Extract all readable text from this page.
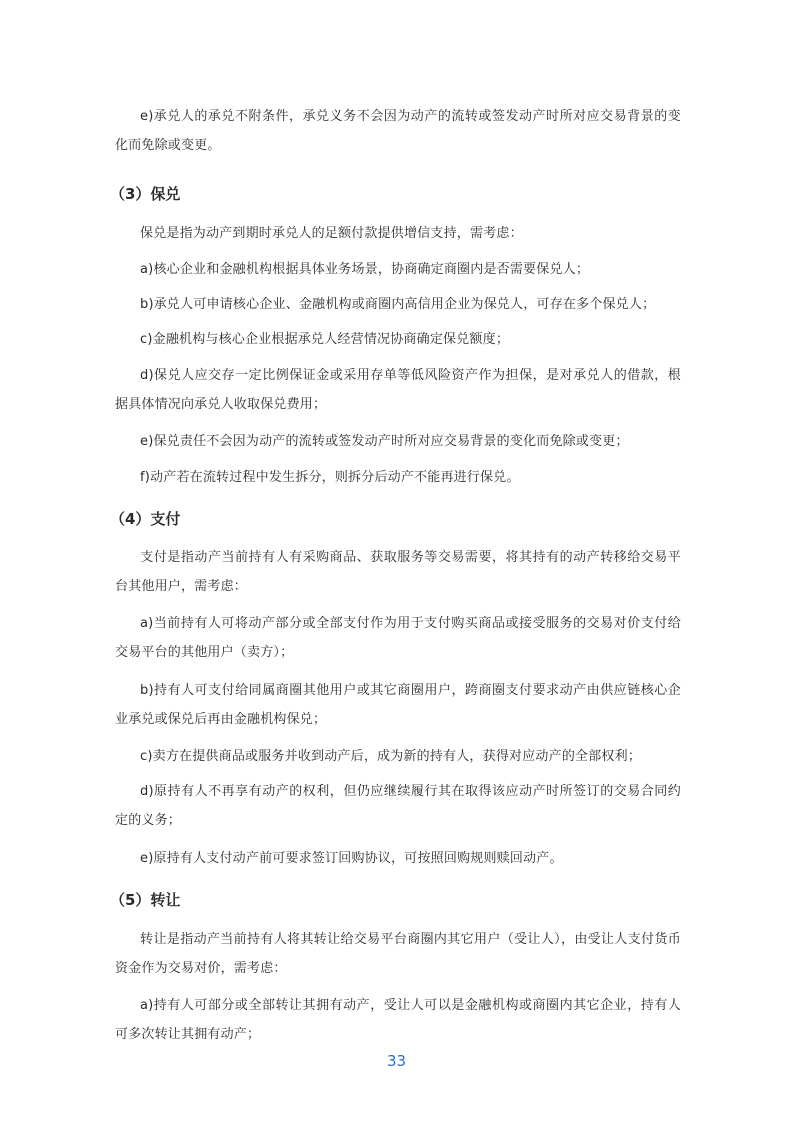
e)承兑人的承兑不附条件，承兑义务不会因为动产的流转或签发动产时所对应交易背景的变化而免除或变更。

（3）保兑

保兑是指为动产到期时承兑人的足额付款提供增信支持，需考虑：

a)核心企业和金融机构根据具体业务场景，协商确定商圈内是否需要保兑人；

b)承兑人可申请核心企业、金融机构或商圈内高信用企业为保兑人，可存在多个保兑人；

c)金融机构与核心企业根据承兑人经营情况协商确定保兑额度；

d)保兑人应交存一定比例保证金或采用存单等低风险资产作为担保，是对承兑人的借款，根据具体情况向承兑人收取保兑费用；

e)保兑责任不会因为动产的流转或签发动产时所对应交易背景的变化而免除或变更；

f)动产若在流转过程中发生拆分，则拆分后动产不能再进行保兑。

（4）支付

支付是指动产当前持有人有采购商品、获取服务等交易需要，将其持有的动产转移给交易平台其他用户，需考虑：

a)当前持有人可将动产部分或全部支付作为用于支付购买商品或接受服务的交易对价支付给交易平台的其他用户（卖方）；

b)持有人可支付给同属商圈其他用户或其它商圈用户，跨商圈支付要求动产由供应链核心企业承兑或保兑后再由金融机构保兑；

c)卖方在提供商品或服务并收到动产后，成为新的持有人，获得对应动产的全部权利；

d)原持有人不再享有动产的权利，但仍应继续履行其在取得该应动产时所签订的交易合同约定的义务；

e)原持有人支付动产前可要求签订回购协议，可按照回购规则赎回动产。

（5）转让

转让是指动产当前持有人将其转让给交易平台商圈内其它用户（受让人），由受让人支付货币资金作为交易对价，需考虑：

a)持有人可部分或全部转让其拥有动产，受让人可以是金融机构或商圈内其它企业，持有人可多次转让其拥有动产；

33
